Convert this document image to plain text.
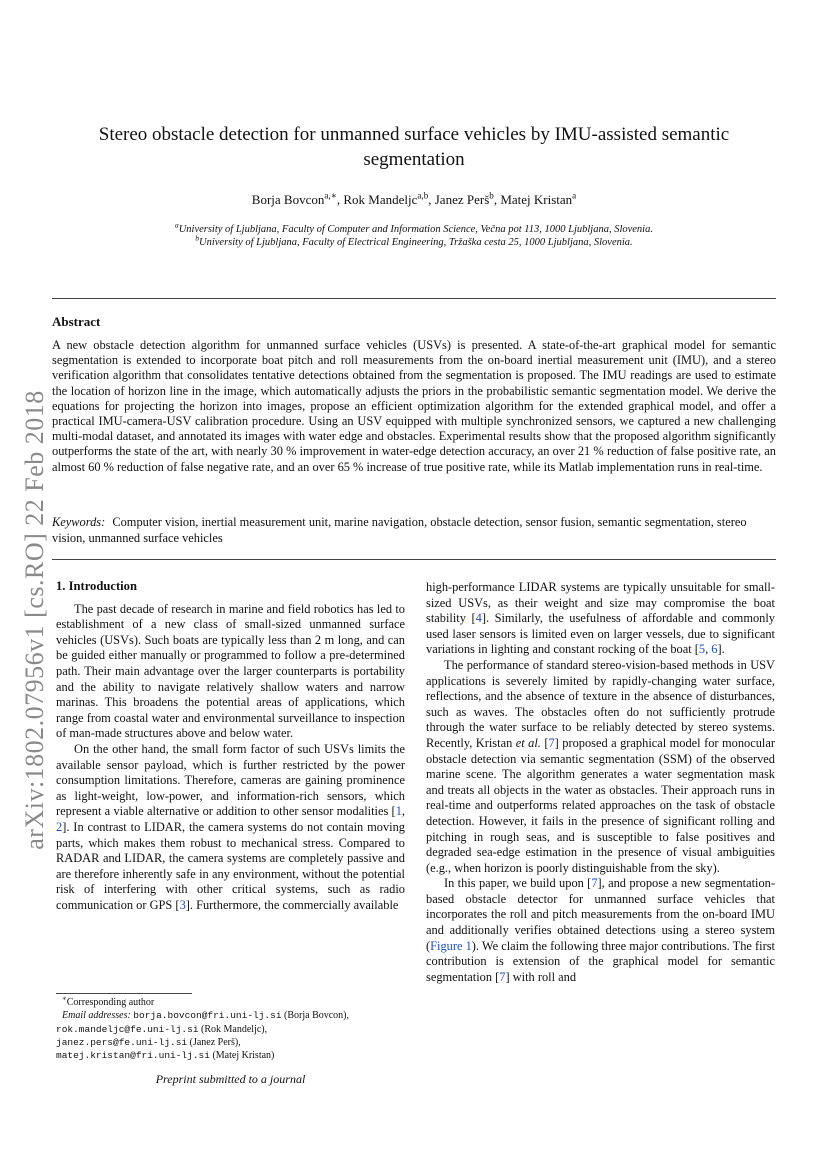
arXiv:1802.07956v1 [cs.RO] 22 Feb 2018
Stereo obstacle detection for unmanned surface vehicles by IMU-assisted semantic segmentation
Borja Bovcon$^{a,∗}$, Rok Mandeljc$^{a,b}$, Janez Perš$^b$, Matej Kristan$^a$
$^a$University of Ljubljana, Faculty of Computer and Information Science, Večna pot 113, 1000 Ljubljana, Slovenia.
$^b$University of Ljubljana, Faculty of Electrical Engineering, Tržaška cesta 25, 1000 Ljubljana, Slovenia.
Abstract
A new obstacle detection algorithm for unmanned surface vehicles (USVs) is presented. A state-of-the-art graphical model for semantic segmentation is extended to incorporate boat pitch and roll measurements from the on-board inertial measurement unit (IMU), and a stereo verification algorithm that consolidates tentative detections obtained from the segmentation is proposed. The IMU readings are used to estimate the location of horizon line in the image, which automatically adjusts the priors in the probabilistic semantic segmentation model. We derive the equations for projecting the horizon into images, propose an efficient optimization algorithm for the extended graphical model, and offer a practical IMU-camera-USV calibration procedure. Using an USV equipped with multiple synchronized sensors, we captured a new challenging multi-modal dataset, and annotated its images with water edge and obstacles. Experimental results show that the proposed algorithm significantly outperforms the state of the art, with nearly 30 % improvement in water-edge detection accuracy, an over 21 % reduction of false positive rate, an almost 60 % reduction of false negative rate, and an over 65 % increase of true positive rate, while its Matlab implementation runs in real-time.
Keywords: Computer vision, inertial measurement unit, marine navigation, obstacle detection, sensor fusion, semantic segmentation, stereo vision, unmanned surface vehicles
1. Introduction

The past decade of research in marine and field robotics has led to establishment of a new class of small-sized unmanned surface vehicles (USVs). Such boats are typically less than 2 m long, and can be guided either manually or programmed to follow a pre-determined path. Their main advantage over the larger counterparts is portability and the ability to navigate relatively shallow waters and narrow marinas. This broadens the potential areas of applications, which range from coastal water and environmental surveillance to inspection of man-made structures above and below water.

On the other hand, the small form factor of such USVs limits the available sensor payload, which is further restricted by the power consumption limitations. Therefore, cameras are gaining prominence as light-weight, low-power, and information-rich sensors, which represent a viable alternative or addition to other sensor modalities [1, 2]. In contrast to LIDAR, the camera systems do not contain moving parts, which makes them robust to mechanical stress. Compared to RADAR and LIDAR, the camera systems are completely passive and are therefore inherently safe in any environment, without the potential risk of interfering with other critical systems, such as radio communication or GPS [3]. Furthermore, the commercially available

high-performance LIDAR systems are typically unsuitable for small-sized USVs, as their weight and size may compromise the boat stability [4]. Similarly, the usefulness of affordable and commonly used laser sensors is limited even on larger vessels, due to significant variations in lighting and constant rocking of the boat [5, 6].

The performance of standard stereo-vision-based methods in USV applications is severely limited by rapidly-changing water surface, reflections, and the absence of texture in the absence of disturbances, such as waves. The obstacles often do not sufficiently protrude through the water surface to be reliably detected by stereo systems. Recently, Kristan et al. [7] proposed a graphical model for monocular obstacle detection via semantic segmentation (SSM) of the observed marine scene. The algorithm generates a water segmentation mask and treats all objects in the water as obstacles. Their approach runs in real-time and outperforms related approaches on the task of obstacle detection. However, it fails in the presence of significant rolling and pitching in rough seas, and is susceptible to false positives and degraded sea-edge estimation in the presence of visual ambiguities (e.g., when horizon is poorly distinguishable from the sky).

In this paper, we build upon [7], and propose a new segmentation-based obstacle detector for unmanned surface vehicles that incorporates the roll and pitch measurements from the on-board IMU and additionally verifies obtained detections using a stereo system (Figure 1). We claim the following three major contributions. The first contribution is extension of the graphical model for semantic segmentation [7] with roll and

∗Corresponding author
Email addresses: borja.bovcon@fri.uni-lj.si (Borja Bovcon),
rok.mandeljc@fe.uni-lj.si (Rok Mandeljc),
janez.pers@fe.uni-lj.si (Janez Perš),
matej.kristan@fri.uni-lj.si (Matej Kristan)
Preprint submitted to a journal
